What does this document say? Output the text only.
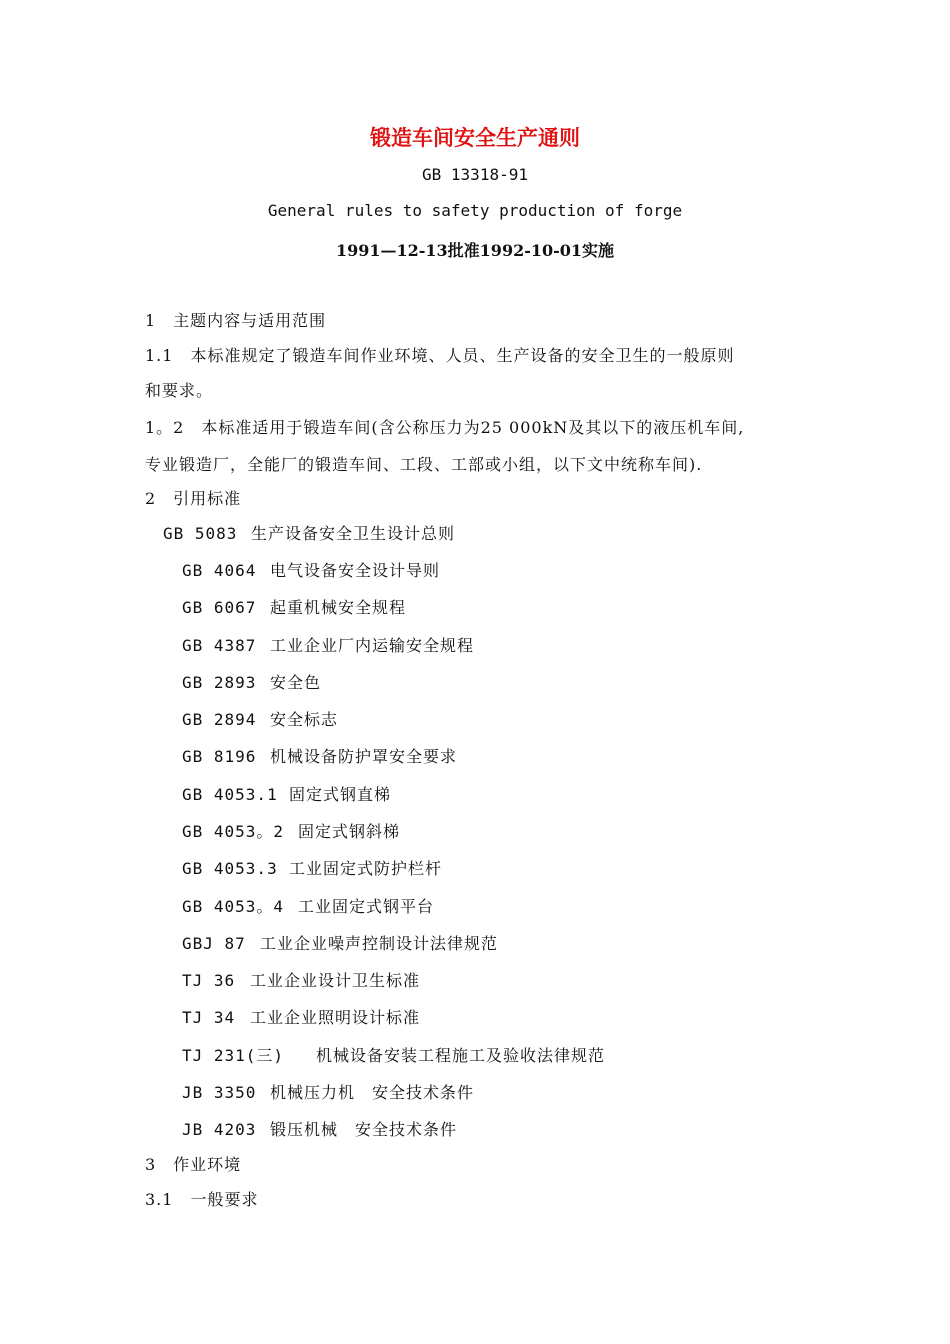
锻造车间安全生产通则
GB 13318-91
General rules to safety production of forge
1991—12-13批准1992-10-01实施
1　主题内容与适用范围
1.1　本标准规定了锻造车间作业环境、人员、生产设备的安全卫生的一般原则
和要求。
1。2　本标准适用于锻造车间(含公称压力为25 000kN及其以下的液压机车间,
专业锻造厂，全能厂的锻造车间、工段、工部或小组，以下文中统称车间).
2　引用标准
GB 5083 生产设备安全卫生设计总则
GB 4064 电气设备安全设计导则
GB 6067 起重机械安全规程
GB 4387 工业企业厂内运输安全规程
GB 2893 安全色
GB 2894 安全标志
GB 8196 机械设备防护罩安全要求
GB 4053.1 固定式钢直梯
GB 4053。2 固定式钢斜梯
GB 4053.3 工业固定式防护栏杆
GB 4053。4 工业固定式钢平台
GBJ 87 工业企业噪声控制设计法律规范
TJ 36 工业企业设计卫生标准
TJ 34 工业企业照明设计标准
TJ 231(三) 机械设备安装工程施工及验收法律规范
JB 3350 机械压力机　安全技术条件
JB 4203 锻压机械　安全技术条件
3　作业环境
3.1　一般要求
